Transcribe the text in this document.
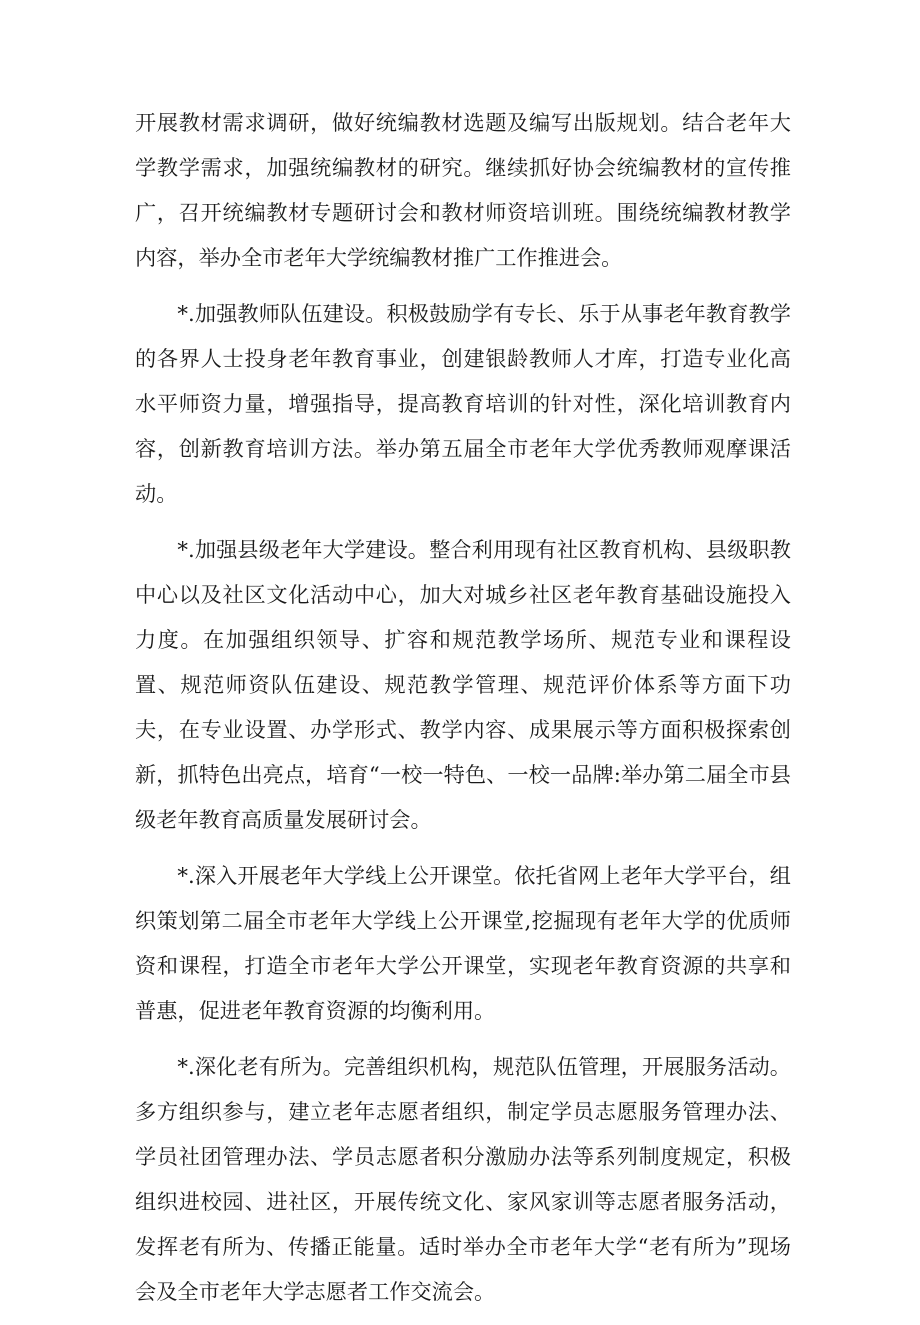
开展教材需求调研，做好统编教材选题及编写出版规划。结合老年大学教学需求，加强统编教材的研究。继续抓好协会统编教材的宣传推广，召开统编教材专题研讨会和教材师资培训班。围绕统编教材教学内容，举办全市老年大学统编教材推广工作推进会。

*.加强教师队伍建设。积极鼓励学有专长、乐于从事老年教育教学的各界人士投身老年教育事业，创建银龄教师人才库，打造专业化高水平师资力量，增强指导，提高教育培训的针对性，深化培训教育内容，创新教育培训方法。举办第五届全市老年大学优秀教师观摩课活动。

*.加强县级老年大学建设。整合利用现有社区教育机构、县级职教中心以及社区文化活动中心，加大对城乡社区老年教育基础设施投入力度。在加强组织领导、扩容和规范教学场所、规范专业和课程设置、规范师资队伍建设、规范教学管理、规范评价体系等方面下功夫，在专业设置、办学形式、教学内容、成果展示等方面积极探索创新，抓特色出亮点，培育“一校一特色、一校一品牌:举办第二届全市县级老年教育高质量发展研讨会。

*.深入开展老年大学线上公开课堂。依托省网上老年大学平台，组织策划第二届全市老年大学线上公开课堂,挖掘现有老年大学的优质师资和课程，打造全市老年大学公开课堂，实现老年教育资源的共享和普惠，促进老年教育资源的均衡利用。

*.深化老有所为。完善组织机构，规范队伍管理，开展服务活动。多方组织参与，建立老年志愿者组织，制定学员志愿服务管理办法、学员社团管理办法、学员志愿者积分激励办法等系列制度规定，积极组织进校园、进社区，开展传统文化、家风家训等志愿者服务活动，发挥老有所为、传播正能量。适时举办全市老年大学“老有所为”现场会及全市老年大学志愿者工作交流会。
